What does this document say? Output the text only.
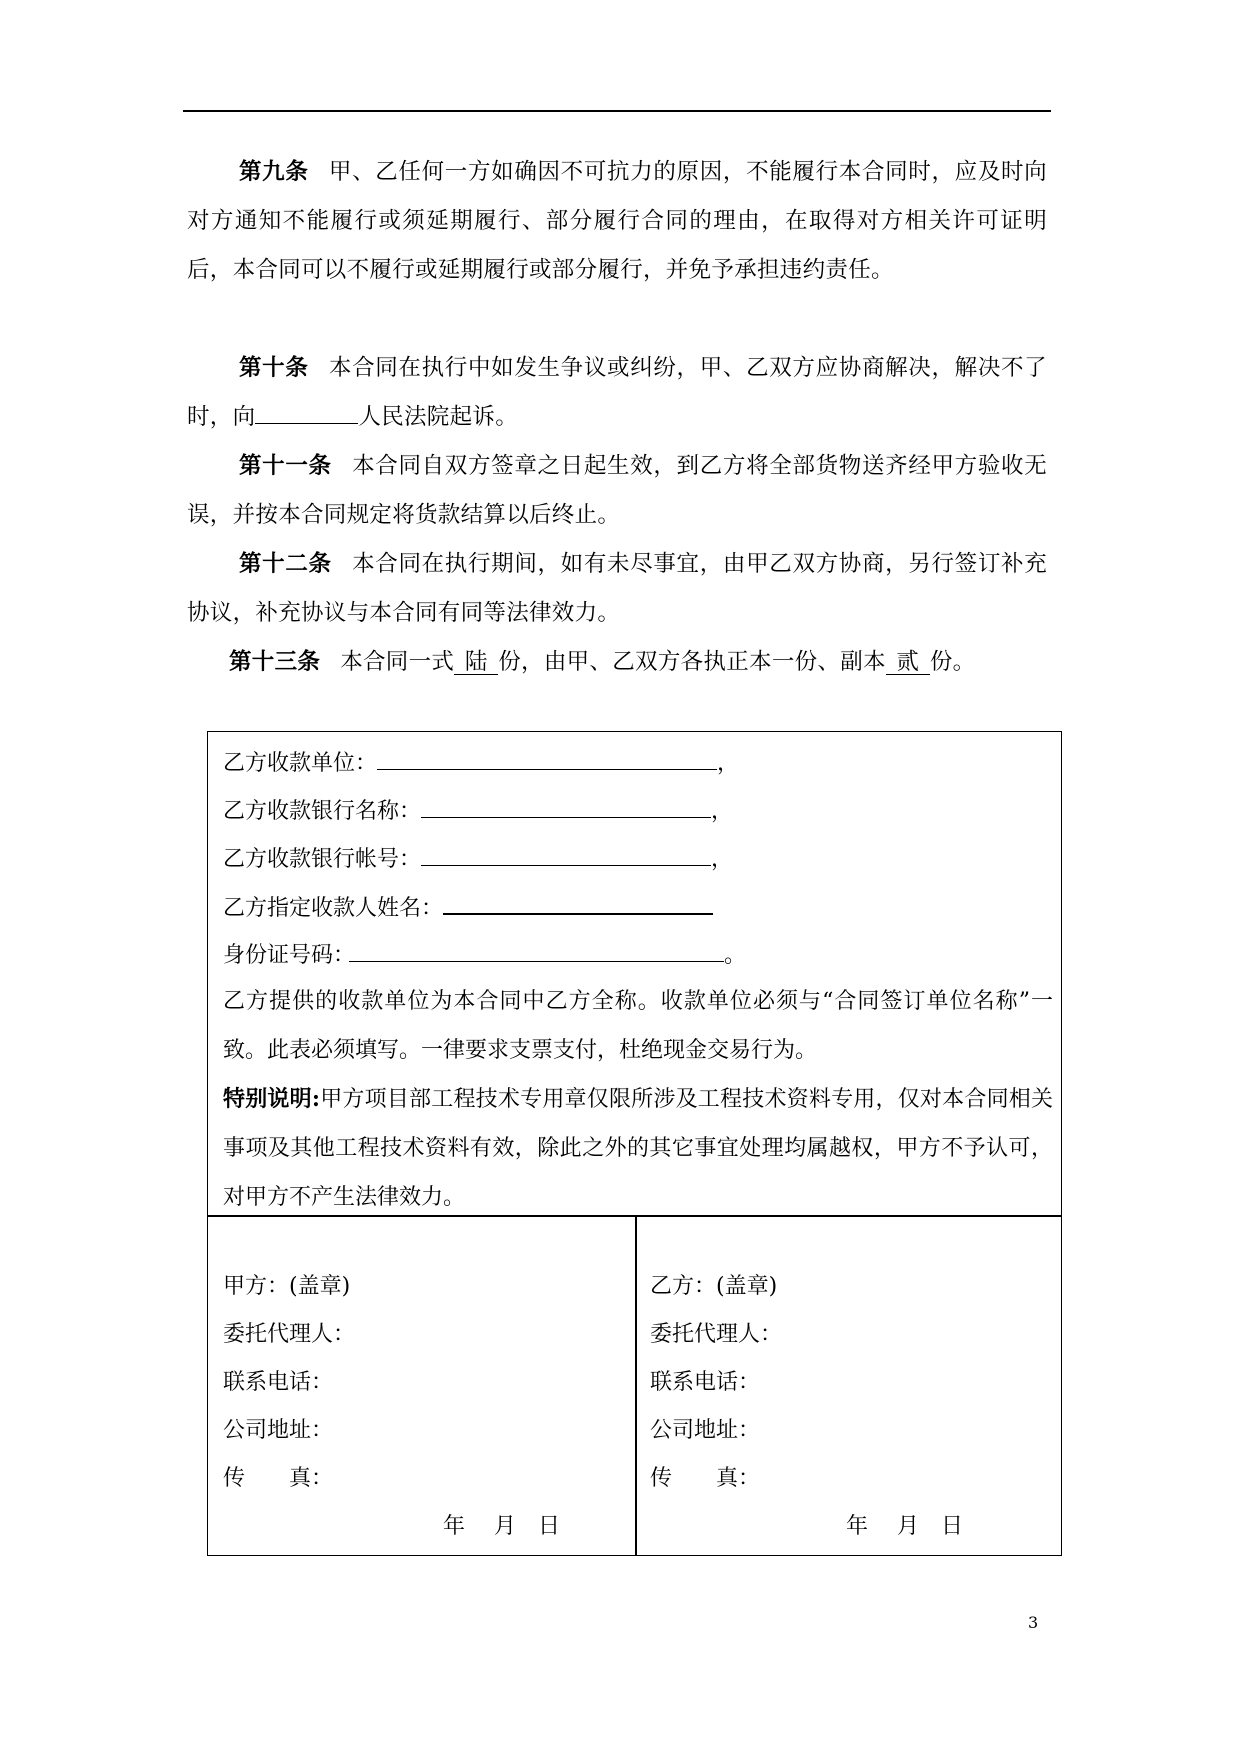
第九条 甲、乙任何一方如确因不可抗力的原因，不能履行本合同时，应及时向对方通知不能履行或须延期履行、部分履行合同的理由，在取得对方相关许可证明后，本合同可以不履行或延期履行或部分履行，并免予承担违约责任。
第十条 本合同在执行中如发生争议或纠纷，甲、乙双方应协商解决，解决不了时，向	人民法院起诉。
第十一条 本合同自双方签章之日起生效，到乙方将全部货物送齐经甲方验收无误，并按本合同规定将货款结算以后终止。
第十二条 本合同在执行期间，如有未尽事宜，由甲乙双方协商，另行签订补充协议，补充协议与本合同有同等法律效力。
第十三条 本合同一式 陆 份，由甲、乙双方各执正本一份、副本 贰 份。
乙方收款单位：	，
乙方收款银行名称：	，
乙方收款银行帐号：	，
乙方指定收款人姓名：
身份证号码：	。
乙方提供的收款单位为本合同中乙方全称。收款单位必须与“合同签订单位名称”一致。此表必须填写。一律要求支票支付，杜绝现金交易行为。
特别说明:甲方项目部工程技术专用章仅限所涉及工程技术资料专用，仅对本合同相关事项及其他工程技术资料有效，除此之外的其它事宜处理均属越权，甲方不予认可，对甲方不产生法律效力。
甲方：(盖章)
委托代理人：
联系电话：
公司地址：
传　　真：
年　 月　日
乙方：(盖章)
委托代理人：
联系电话：
公司地址：
传　　真：
年　 月　日
3
